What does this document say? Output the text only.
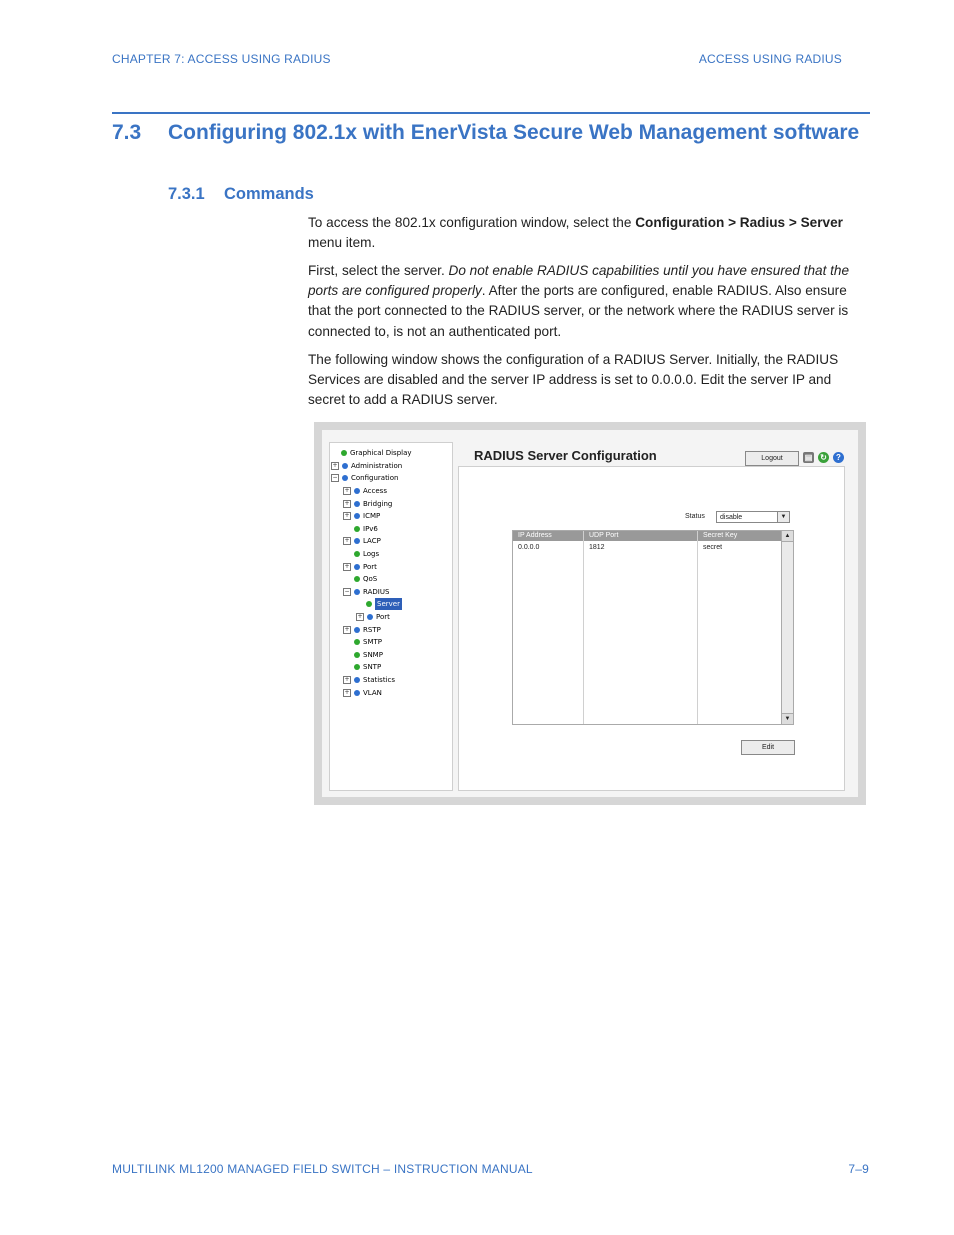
CHAPTER 7: ACCESS USING RADIUS	ACCESS USING RADIUS
7.3 Configuring 802.1x with EnerVista Secure Web Management software
7.3.1 Commands
To access the 802.1x configuration window, select the Configuration > Radius > Server menu item.
First, select the server. Do not enable RADIUS capabilities until you have ensured that the ports are configured properly. After the ports are configured, enable RADIUS. Also ensure that the port connected to the RADIUS server, or the network where the RADIUS server is connected to, is not an authenticated port.
The following window shows the configuration of a RADIUS Server. Initially, the RADIUS Services are disabled and the server IP address is set to 0.0.0.0. Edit the server IP and secret to add a RADIUS server.
Graphical Display
+ Administration
− Configuration
+ Access
+ Bridging
+ ICMP
IPv6
+ LACP
Logs
+ Port
QoS
− RADIUS
Server
+ Port
+ RSTP
SMTP
SNMP
SNTP
+ Statistics
+ VLAN
RADIUS Server Configuration	Logout	▤ ↻	?
Status	disable	▼
IP Address	UDP Port	Secret Key
0.0.0.0	1812	secret
▲
▼
Edit
MULTILINK ML1200 MANAGED FIELD SWITCH – INSTRUCTION MANUAL	7–9
